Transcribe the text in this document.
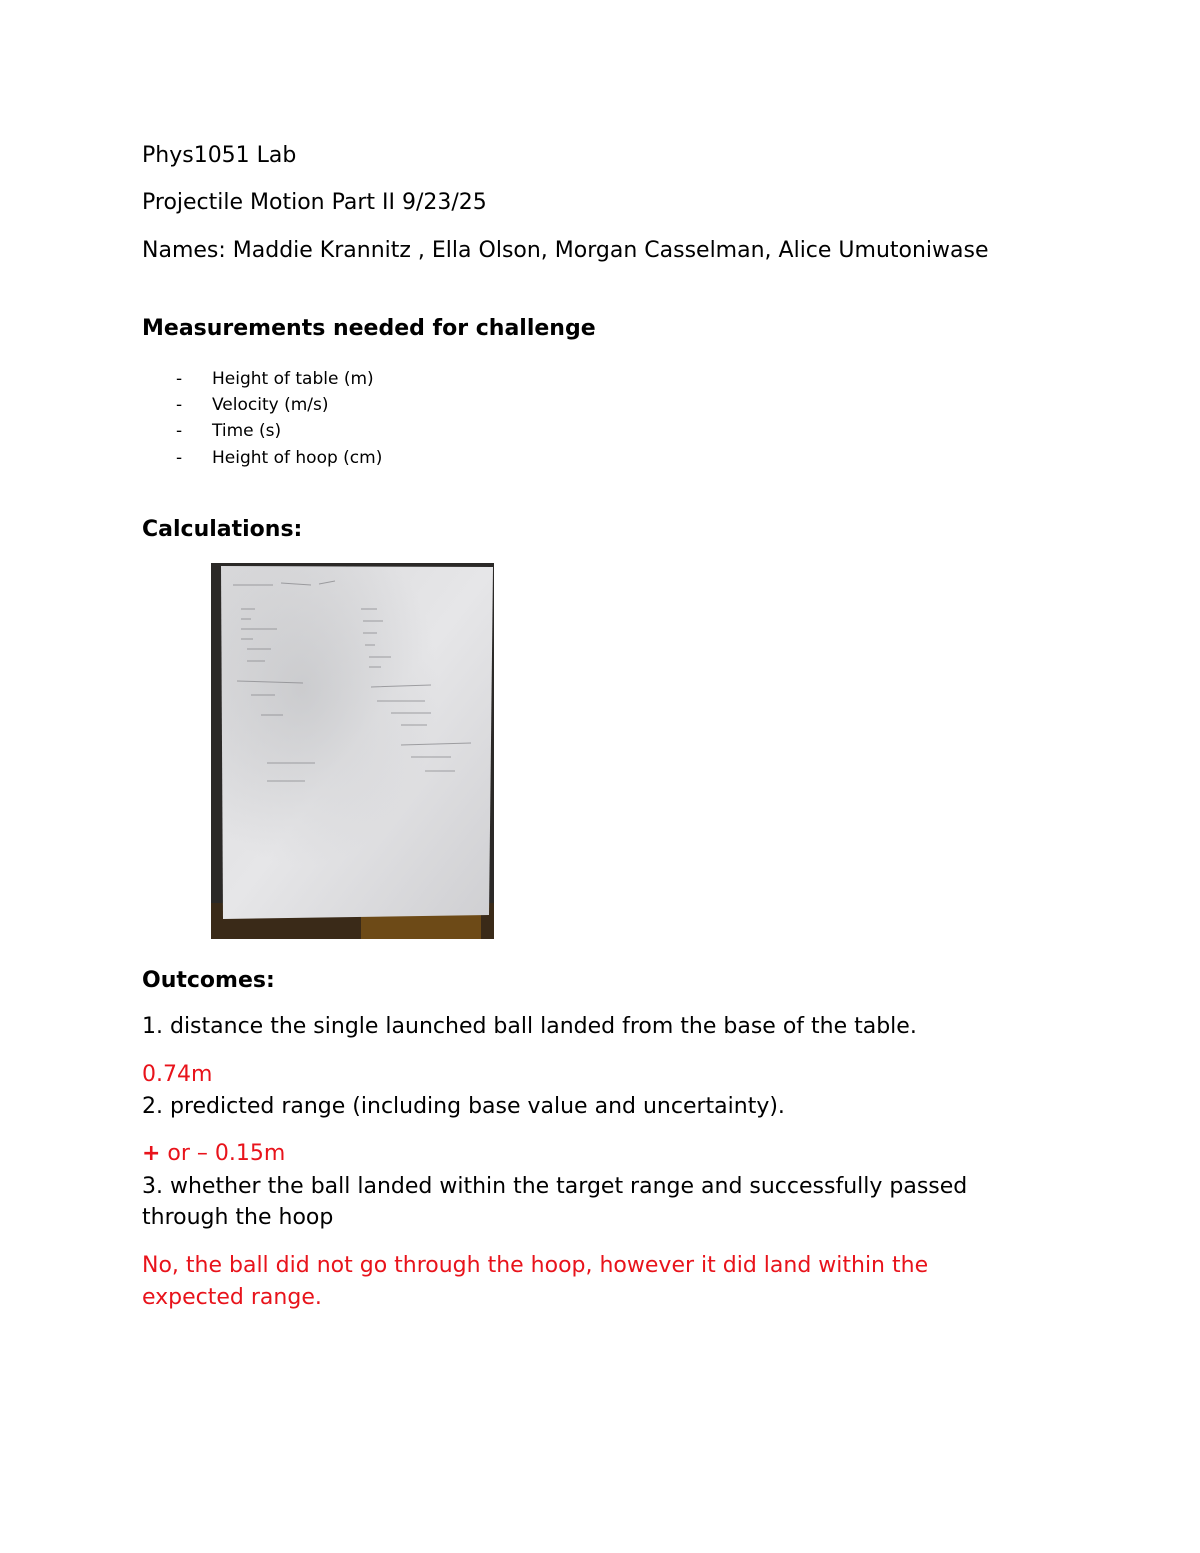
Phys1051 Lab
Projectile Motion Part II 9/23/25
Names: Maddie Krannitz , Ella Olson, Morgan Casselman, Alice Umutoniwase
Measurements needed for challenge
- Height of table (m)
- Velocity (m/s)
- Time (s)
- Height of hoop (cm)
Calculations:
Outcomes:
1. distance the single launched ball landed from the base of the table.
0.74m
2. predicted range (including base value and uncertainty).
+ or – 0.15m
3. whether the ball landed within the target range and successfully passed
through the hoop
No, the ball did not go through the hoop, however it did land within the
expected range.
